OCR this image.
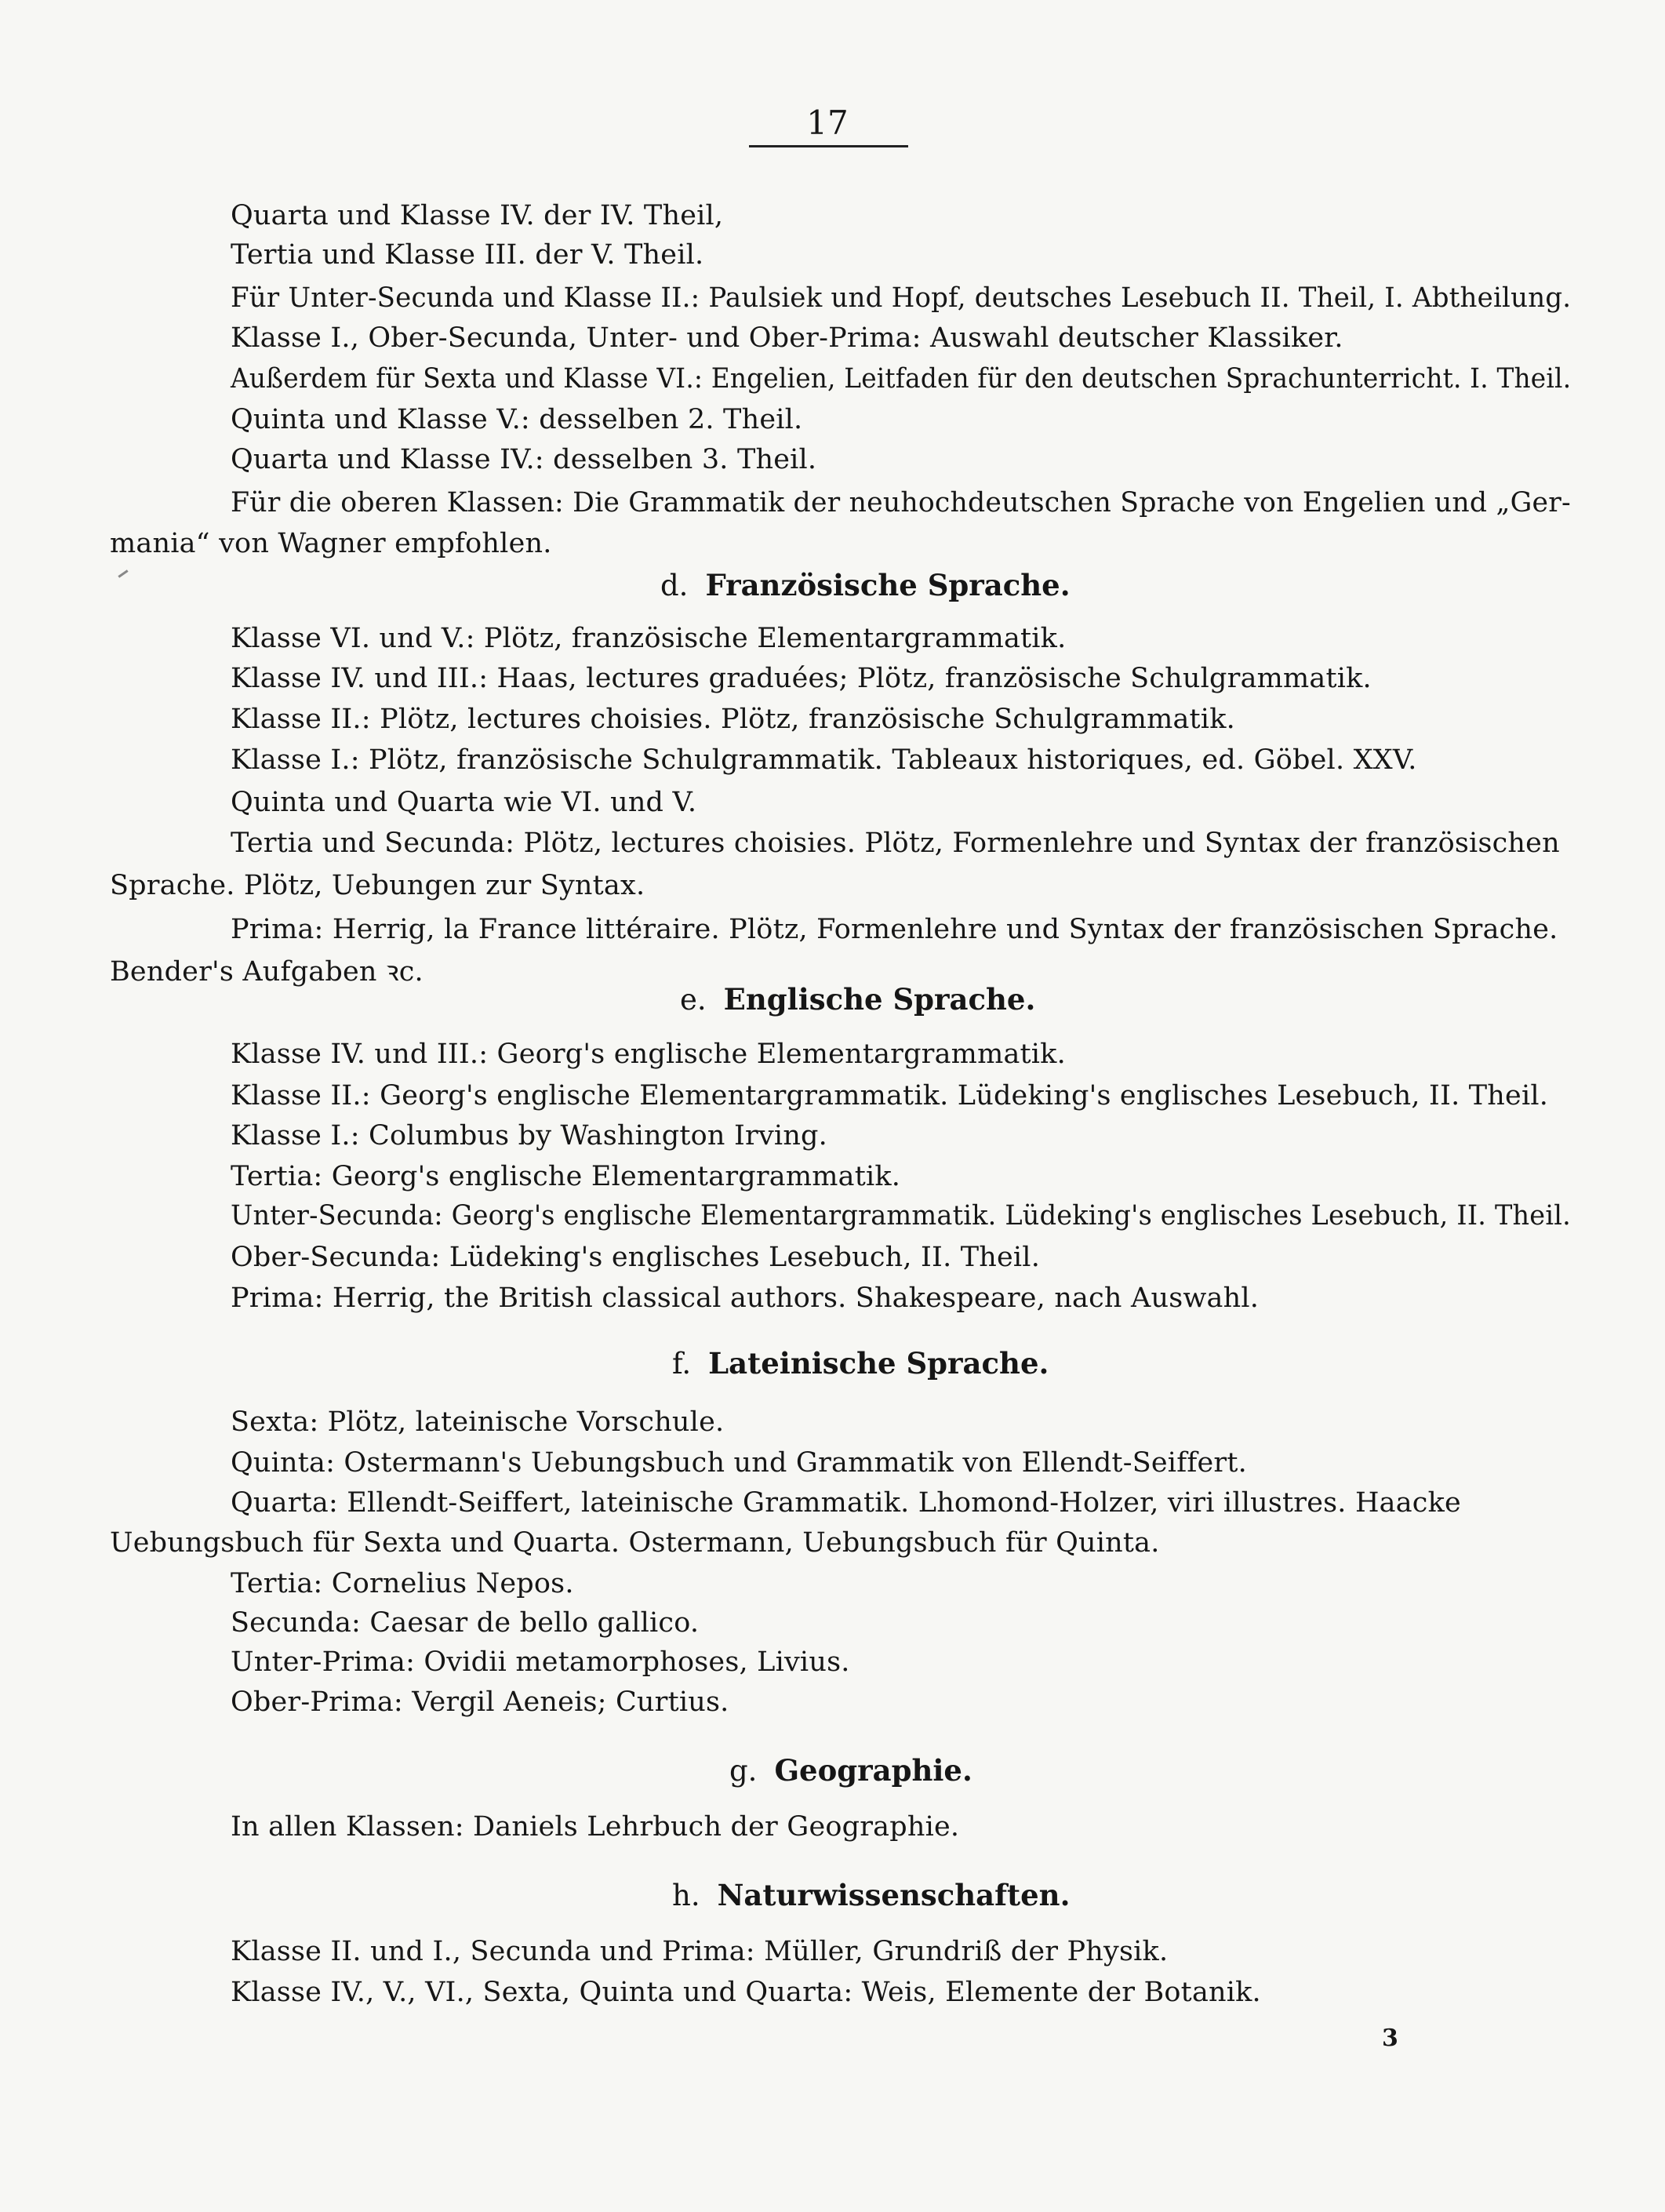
17
Quarta und Klasse IV. der IV. Theil,
Tertia und Klasse III. der V. Theil.
Für Unter-Secunda und Klasse II.: Paulsiek und Hopf, deutsches Lesebuch II. Theil, I. Abtheilung.
Klasse I., Ober-Secunda, Unter- und Ober-Prima: Auswahl deutscher Klassiker.
Außerdem für Sexta und Klasse VI.: Engelien, Leitfaden für den deutschen Sprachunterricht. I. Theil.
Quinta und Klasse V.: desselben 2. Theil.
Quarta und Klasse IV.: desselben 3. Theil.
Für die oberen Klassen: Die Grammatik der neuhochdeutschen Sprache von Engelien und „Ger-
mania“ von Wagner empfohlen.
d. Französische Sprache.
Klasse VI. und V.: Plötz, französische Elementargrammatik.
Klasse IV. und III.: Haas, lectures graduées; Plötz, französische Schulgrammatik.
Klasse II.: Plötz, lectures choisies. Plötz, französische Schulgrammatik.
Klasse I.: Plötz, französische Schulgrammatik. Tableaux historiques, ed. Göbel. XXV.
Quinta und Quarta wie VI. und V.
Tertia und Secunda: Plötz, lectures choisies. Plötz, Formenlehre und Syntax der französischen
Sprache. Plötz, Uebungen zur Syntax.
Prima: Herrig, la France littéraire. Plötz, Formenlehre und Syntax der französischen Sprache.
Bender's Aufgaben ꝛc.
e. Englische Sprache.
Klasse IV. und III.: Georg's englische Elementargrammatik.
Klasse II.: Georg's englische Elementargrammatik. Lüdeking's englisches Lesebuch, II. Theil.
Klasse I.: Columbus by Washington Irving.
Tertia: Georg's englische Elementargrammatik.
Unter-Secunda: Georg's englische Elementargrammatik. Lüdeking's englisches Lesebuch, II. Theil.
Ober-Secunda: Lüdeking's englisches Lesebuch, II. Theil.
Prima: Herrig, the British classical authors. Shakespeare, nach Auswahl.
f. Lateinische Sprache.
Sexta: Plötz, lateinische Vorschule.
Quinta: Ostermann's Uebungsbuch und Grammatik von Ellendt-Seiffert.
Quarta: Ellendt-Seiffert, lateinische Grammatik. Lhomond-Holzer, viri illustres. Haacke
Uebungsbuch für Sexta und Quarta. Ostermann, Uebungsbuch für Quinta.
Tertia: Cornelius Nepos.
Secunda: Caesar de bello gallico.
Unter-Prima: Ovidii metamorphoses, Livius.
Ober-Prima: Vergil Aeneis; Curtius.
g. Geographie.
In allen Klassen: Daniels Lehrbuch der Geographie.
h. Naturwissenschaften.
Klasse II. und I., Secunda und Prima: Müller, Grundriß der Physik.
Klasse IV., V., VI., Sexta, Quinta und Quarta: Weis, Elemente der Botanik.
3
